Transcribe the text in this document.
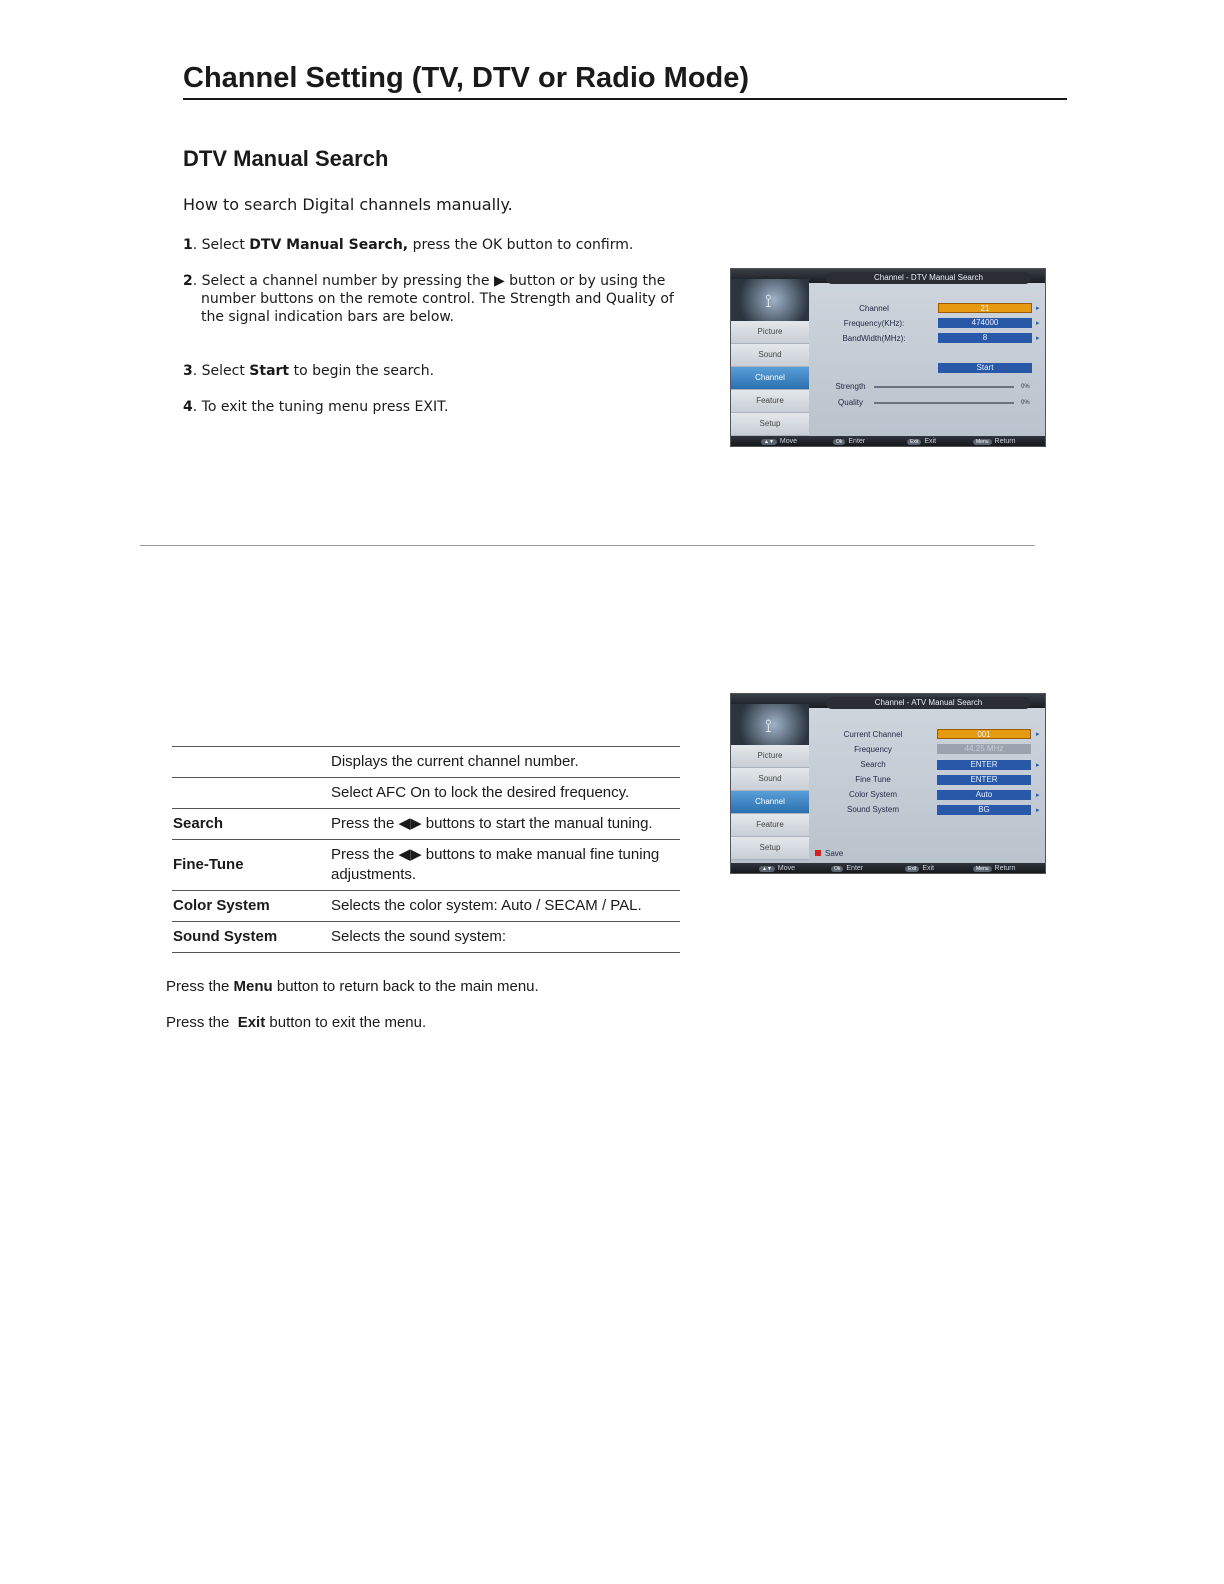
Channel Setting (TV, DTV or Radio Mode)
DTV Manual Search
How to search Digital channels manually.
1. Select DTV Manual Search, press the OK button to confirm.
2. Select a channel number by pressing the ▶ button or by using the
number buttons on the remote control. The Strength and Quality of
the signal indication bars are below.
3. Select Start to begin the search.
4. To exit the tuning menu press EXIT.
Channel - DTV Manual Search
⟟
Picture
Sound
Channel
Feature
Setup
Channel	21	▸
Frequency(KHz):	474000	▸
BandWidth(MHz):	8	▸
Start
Strength	0%
Quality	0%
▲▼ Move	Ok Enter	Exit Exit	Menu Return
Channel - ATV Manual Search
⟟
Picture
Sound
Channel
Feature
Setup
Current Channel	001	▸
Frequency	44.25 MHz
Search	ENTER	▸
Fine Tune	ENTER
Color System	Auto	▸
Sound System	BG	▸
Save
▲▼ Move	Ok Enter	Exit Exit	Menu Return
	Displays the current channel number.
	Select AFC On to lock the desired frequency.
Search	Press the ◀▶ buttons to start the manual tuning.
Fine-Tune	Press the ◀▶ buttons to make manual fine tuning adjustments.
Color System	Selects the color system: Auto / SECAM / PAL.
Sound System	Selects the sound system:
Press the Menu button to return back to the main menu.
Press the  Exit button to exit the menu.
